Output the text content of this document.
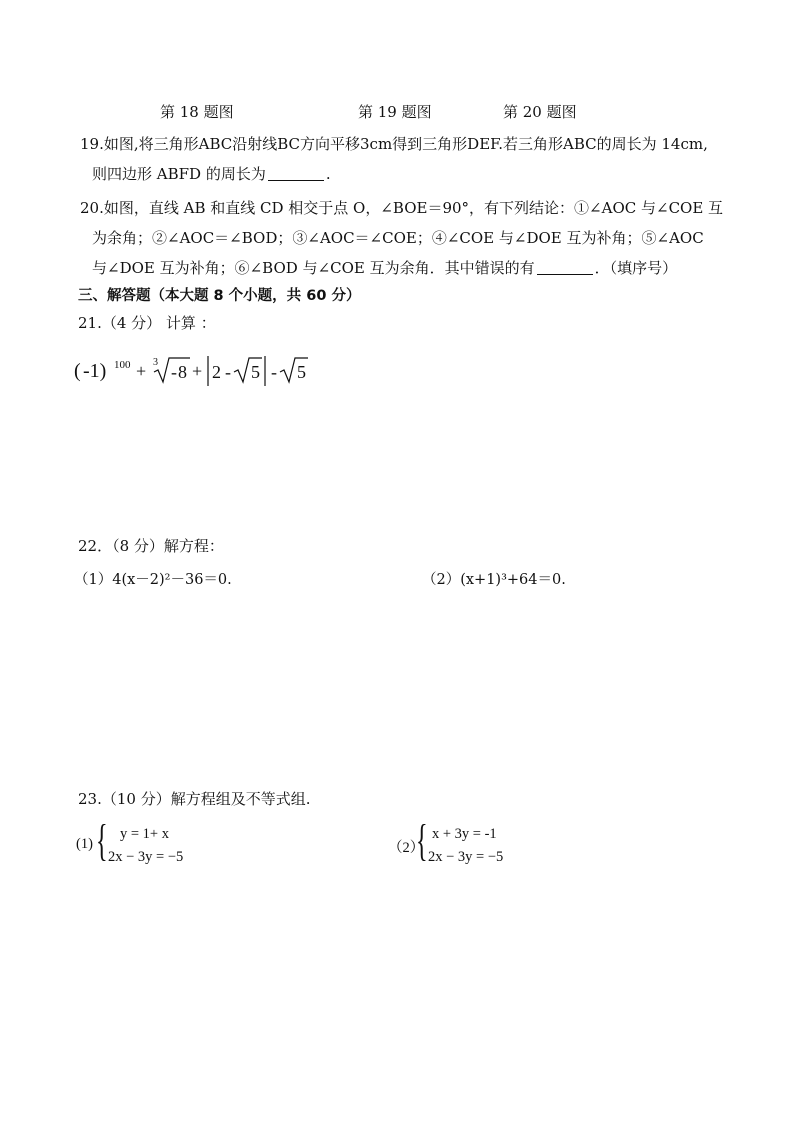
第 18 题图	第 19 题图	第 20 题图
19.如图,将三角形ABC沿射线BC方向平移3cm得到三角形DEF.若三角形ABC的周长为 14cm,
则四边形 ABFD 的周长为	.
20.如图，直线 AB 和直线 CD 相交于点 O，∠BOE＝90°，有下列结论：①∠AOC 与∠COE 互
为余角；②∠AOC＝∠BOD；③∠AOC＝∠COE；④∠COE 与∠DOE 互为补角；⑤∠AOC
与∠DOE 互为补角；⑥∠BOD 与∠COE 互为余角．其中错误的有	．（填序号）
三、解答题（本大题 8 个小题，共 60 分）
21.（4 分） 计算 ：
( -1) 100 + 3 - 8 + 2 - 5 - 5
22．（8 分）解方程：
（1）4(x－2)²－36＝0.	（2）(x+1)³+64＝0.
23.（10 分）解方程组及不等式组.
(1) { y = 1+ x
2x − 3y = −5
（2）
{ x + 3y = -1
2x − 3y = −5
